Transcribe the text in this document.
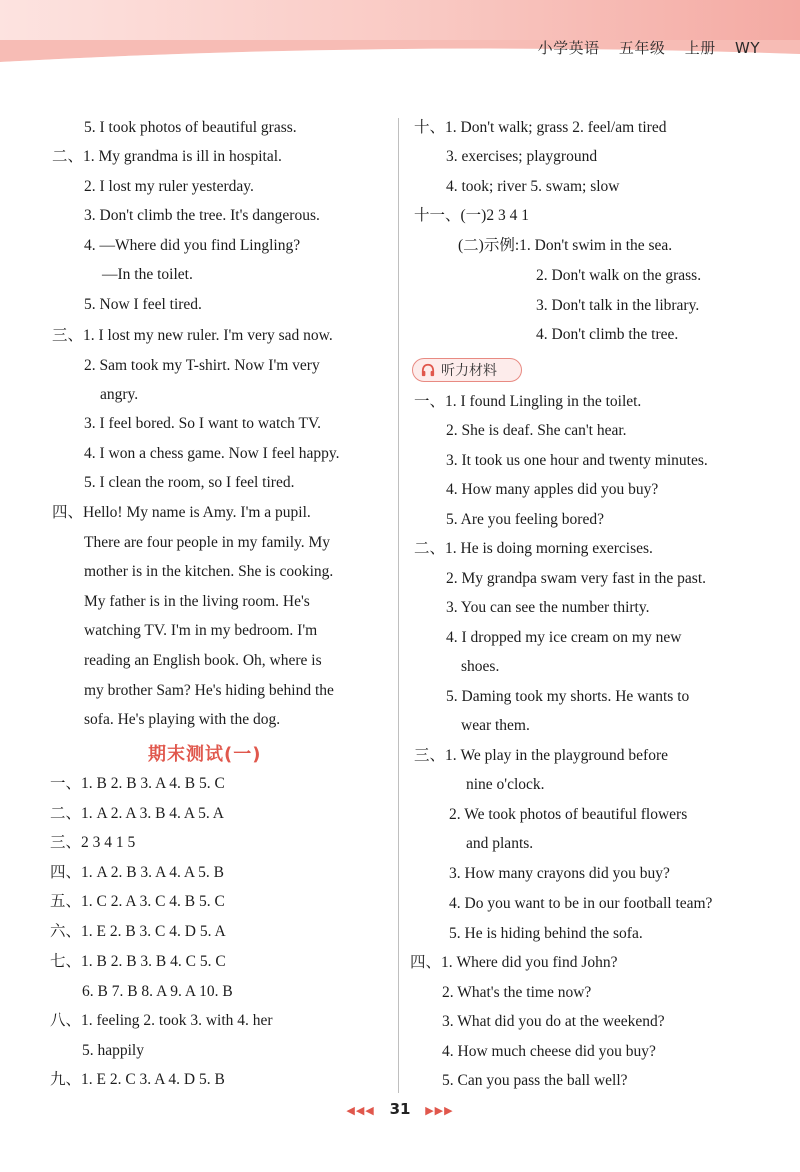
小学英语 五年级 上册 WY
5. I took photos of beautiful grass.
二、1. My grandma is ill in hospital.
2. I lost my ruler yesterday.
3. Don't climb the tree. It's dangerous.
4. —Where did you find Lingling?
—In the toilet.
5. Now I feel tired.
三、1. I lost my new ruler. I'm very sad now.
2. Sam took my T-shirt. Now I'm very
angry.
3. I feel bored. So I want to watch TV.
4. I won a chess game. Now I feel happy.
5. I clean the room, so I feel tired.
四、Hello! My name is Amy. I'm a pupil.
There are four people in my family. My
mother is in the kitchen. She is cooking.
My father is in the living room. He's
watching TV. I'm in my bedroom. I'm
reading an English book. Oh, where is
my brother Sam? He's hiding behind the
sofa. He's playing with the dog.
期末测试(一)
一、1. B 2. B 3. A 4. B 5. C
二、1. A 2. A 3. B 4. A 5. A
三、2 3 4 1 5
四、1. A 2. B 3. A 4. A 5. B
五、1. C 2. A 3. C 4. B 5. C
六、1. E 2. B 3. C 4. D 5. A
七、1. B 2. B 3. B 4. C 5. C
6. B 7. B 8. A 9. A 10. B
八、1. feeling 2. took 3. with 4. her
5. happily
九、1. E 2. C 3. A 4. D 5. B
十、1. Don't walk; grass 2. feel/am tired
3. exercises; playground
4. took; river 5. swam; slow
十一、(一)2 3 4 1
(二)示例:1. Don't swim in the sea.
2. Don't walk on the grass.
3. Don't talk in the library.
4. Don't climb the tree.
听力材料
一、1. I found Lingling in the toilet.
2. She is deaf. She can't hear.
3. It took us one hour and twenty minutes.
4. How many apples did you buy?
5. Are you feeling bored?
二、1. He is doing morning exercises.
2. My grandpa swam very fast in the past.
3. You can see the number thirty.
4. I dropped my ice cream on my new
shoes.
5. Daming took my shorts. He wants to
wear them.
三、1. We play in the playground before
nine o'clock.
2. We took photos of beautiful flowers
and plants.
3. How many crayons did you buy?
4. Do you want to be in our football team?
5. He is hiding behind the sofa.
四、1. Where did you find John?
2. What's the time now?
3. What did you do at the weekend?
4. How much cheese did you buy?
5. Can you pass the ball well?
◀◀◀ 31 ▶▶▶
